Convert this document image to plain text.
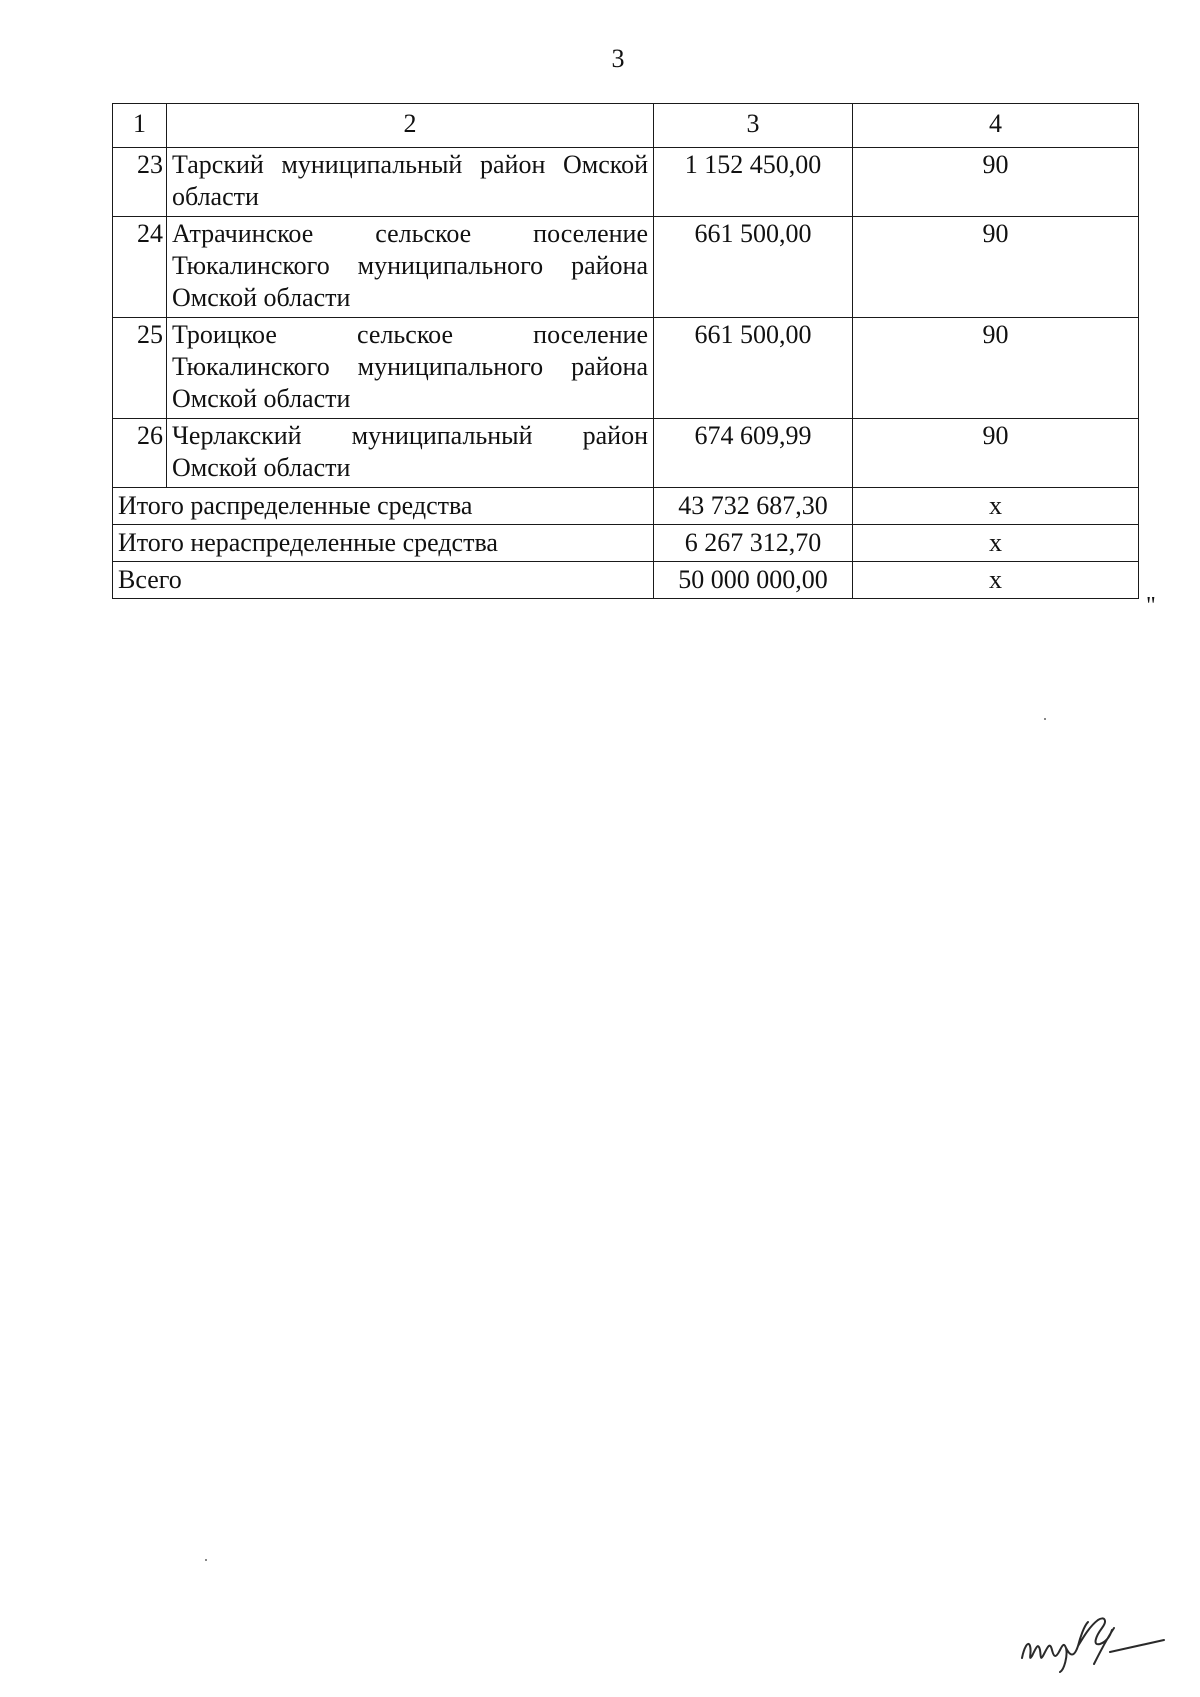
3
1	2	3	4
23	Тарский муниципальный район Омской области	1 152 450,00	90
24	Атрачинское сельское поселение Тюкалинского муниципального района Омской области	661 500,00	90
25	Троицкое сельское поселение Тюкалинского муниципального района Омской области	661 500,00	90
26	Черлакский муниципальный район Омской области	674 609,99	90
Итого распределенные средства		43 732 687,30	х
Итого нераспределенные средства		6 267 312,70	х
Всего		50 000 000,00	х
"
